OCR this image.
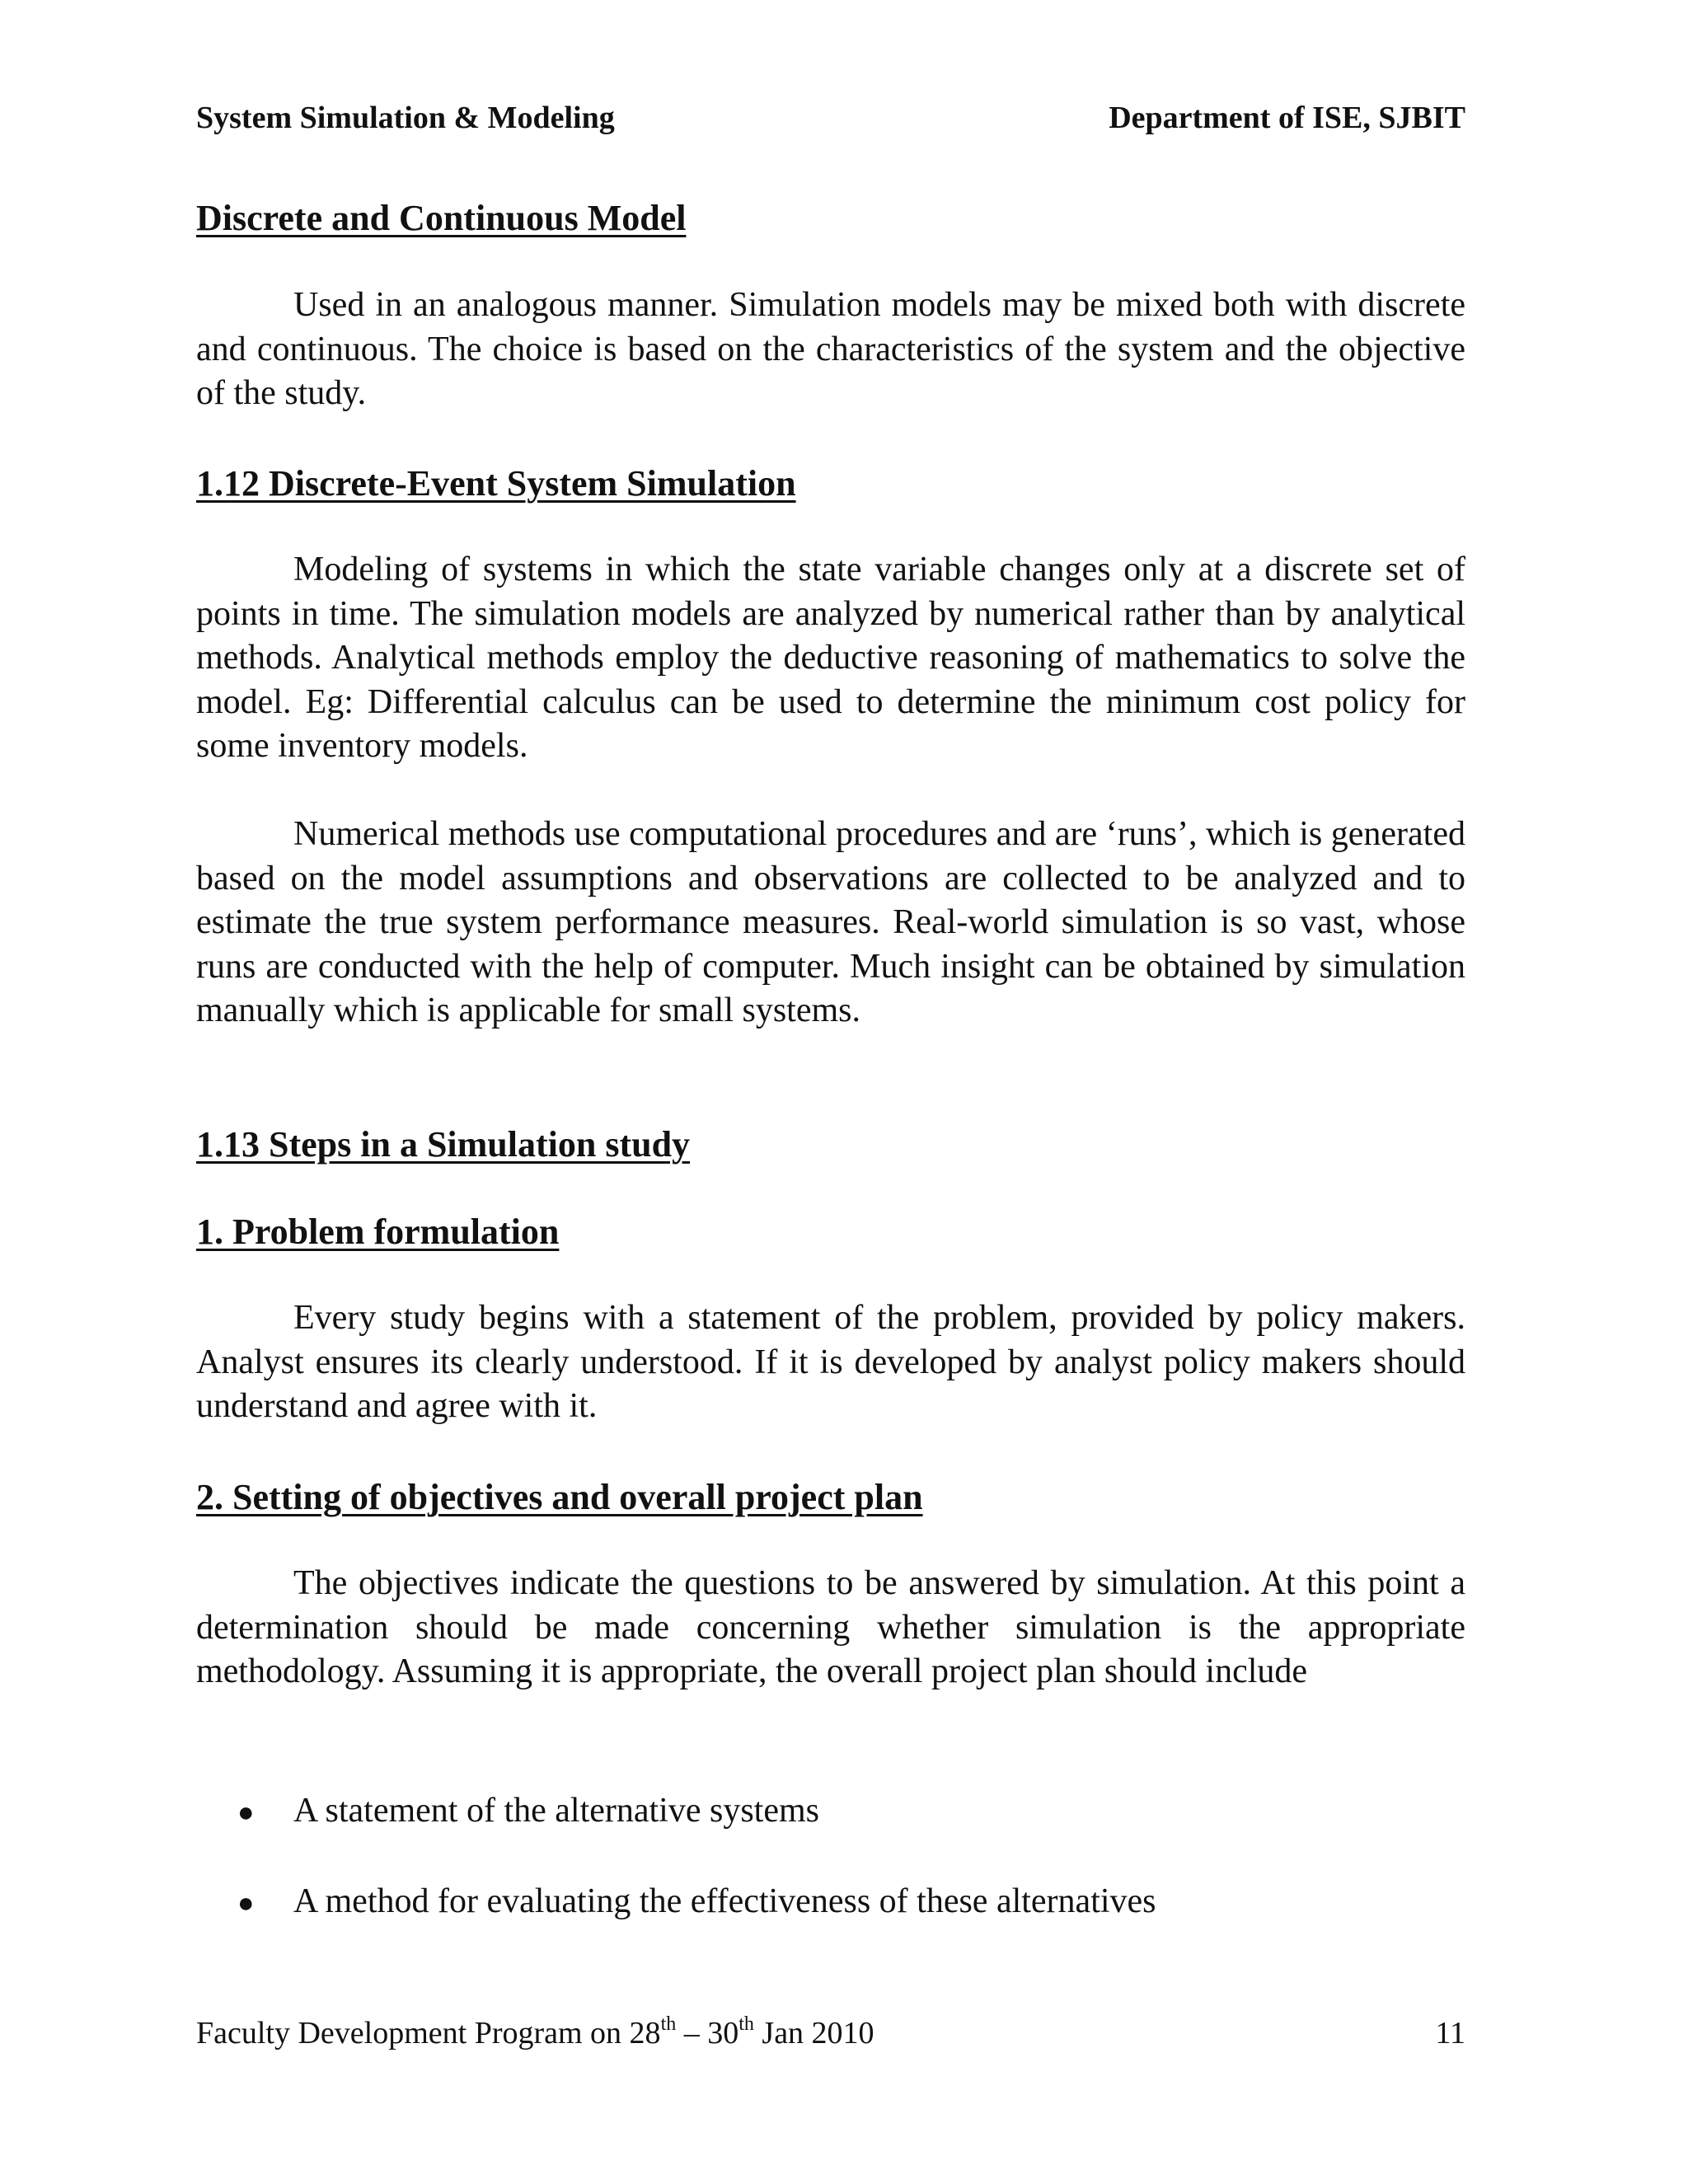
System Simulation & Modeling	Department of ISE, SJBIT
Discrete and Continuous Model

Used in an analogous manner. Simulation models may be mixed both with discrete and continuous. The choice is based on the characteristics of the system and the objective of the study.

1.12 Discrete-Event System Simulation

Modeling of systems in which the state variable changes only at a discrete set of points in time. The simulation models are analyzed by numerical rather than by analytical methods. Analytical methods employ the deductive reasoning of mathematics to solve the model. Eg: Differential calculus can be used to determine the minimum cost policy for some inventory models.

Numerical methods use computational procedures and are ‘runs’, which is generated based on the model assumptions and observations are collected to be analyzed and to estimate the true system performance measures. Real-world simulation is so vast, whose runs are conducted with the help of computer. Much insight can be obtained by simulation manually which is applicable for small systems.

1.13 Steps in a Simulation study
1. Problem formulation

Every study begins with a statement of the problem, provided by policy makers. Analyst ensures its clearly understood. If it is developed by analyst policy makers should understand and agree with it.

2. Setting of objectives and overall project plan

The objectives indicate the questions to be answered by simulation. At this point a determination should be made concerning whether simulation is the appropriate methodology. Assuming it is appropriate, the overall project plan should include

●	A statement of the alternative systems
●	A method for evaluating the effectiveness of these alternatives
Faculty Development Program on 28th – 30th Jan 2010	11
